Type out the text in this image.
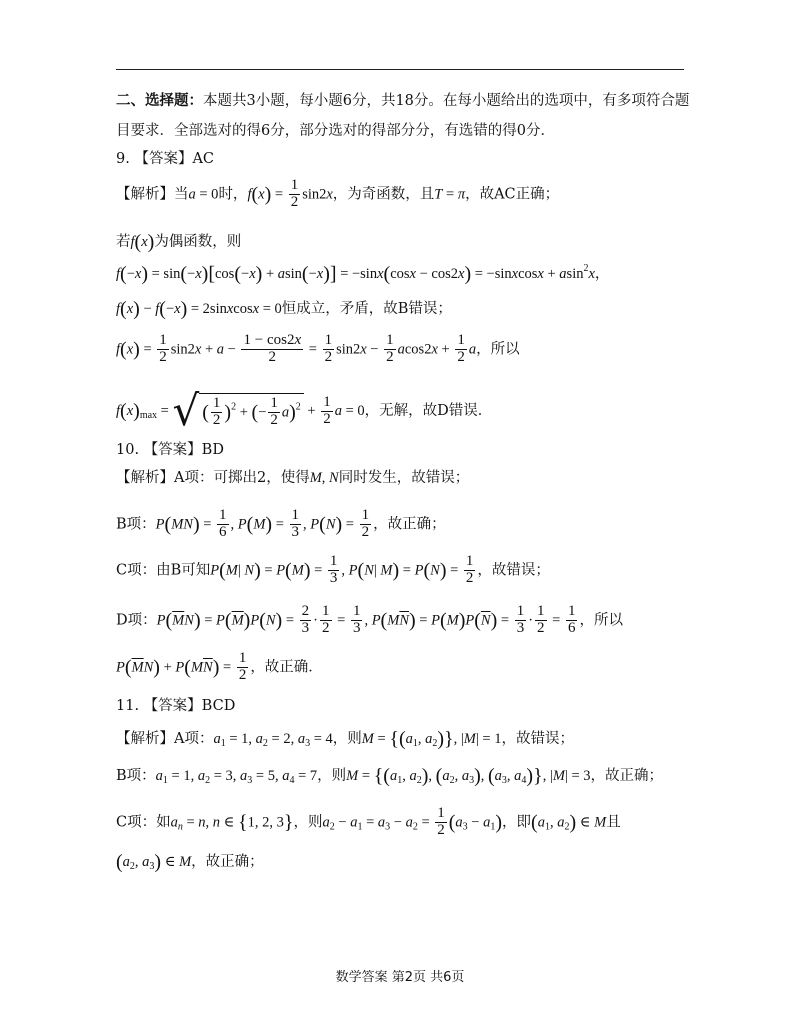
二、选择题：本题共3小题，每小题6分，共18分。在每小题给出的选项中，有多项符合题
目要求．全部选对的得6分，部分选对的得部分分，有选错的得0分．
9. 【答案】AC
【解析】当a = 0时，$f(x) = \frac{1}{2} \sin 2x$，为奇函数，且T = π，故AC正确；
若f(x)为偶函数，则
f(−x) = sin(−x)[cos(−x) + asin(−x)] = −sinx(cosx − cos2x) = −sinxcosx + asin$^2$x，
f(x) − f(−x) = 2sinxcosx = 0恒成立，矛盾，故B错误；
$f(x) = \frac{1}{2} \sin 2x + a - \frac{1 - \cos 2x}{2} = \frac{1}{2} \sin 2x - \frac{1}{2} acos2x + \frac{1}{2}$ a，所以
$f(x)_{max}$ = √ ( $\frac{1}{2} )^2$ + (− $\frac{1}{2} a)^2 + \frac{1}{2}$ a = 0，无解，故D错误．
10. 【答案】BD
【解析】A项：可掷出2，使得M, N同时发生，故错误；
B项：$P(MN) = \frac{1}{6}$ , $P(M) = \frac{1}{3}$ , $P(N) = \frac{1}{2}$ ，故正确；
C项：由B可知P(M| $N) = P(M) = \frac{1}{3}$ , P(N| $M) = P(N) = \frac{1}{2}$ ，故错误；
D项：$P(\overline{M}N) = P(\overline{M})P(N) = \frac{2}{3} \cdot \frac{1}{2} = \frac{1}{3}$ , $P(M\overline{N}) = P(M)P(\overline{N}) = \frac{1}{3} \cdot \frac{1}{2} = \frac{1}{6}$ ，所以
$P(\overline{M}N) + P(M\overline{N}) = \frac{1}{2}$ ，故正确．
11. 【答案】BCD
【解析】A项：$a_1 = 1$, $a_2 = 2$, $a_3 = 4$，则$M = \{(a_1$, $a_2$)}, |M| = 1，故错误；
B项：$a_1 = 1$, $a_2 = 3$, $a_3 = 5$, $a_4 = 7$，则$M = \{(a_1$, $a_2$), ($a_2$, $a_3$), ($a_3$, $a_4$)}, |M| = 3，故正确；
C项：如$a_n = n$, n ∈ {1, 2, 3}，则$a_2 - a_1 = a_3 - a_2 = \frac{1}{2} (a_3 - a_1)$，即($a_1$, $a_2$) ∈ M且
($a_2$, $a_3$) ∈ M，故正确；
数学答案 第2页 共6页
